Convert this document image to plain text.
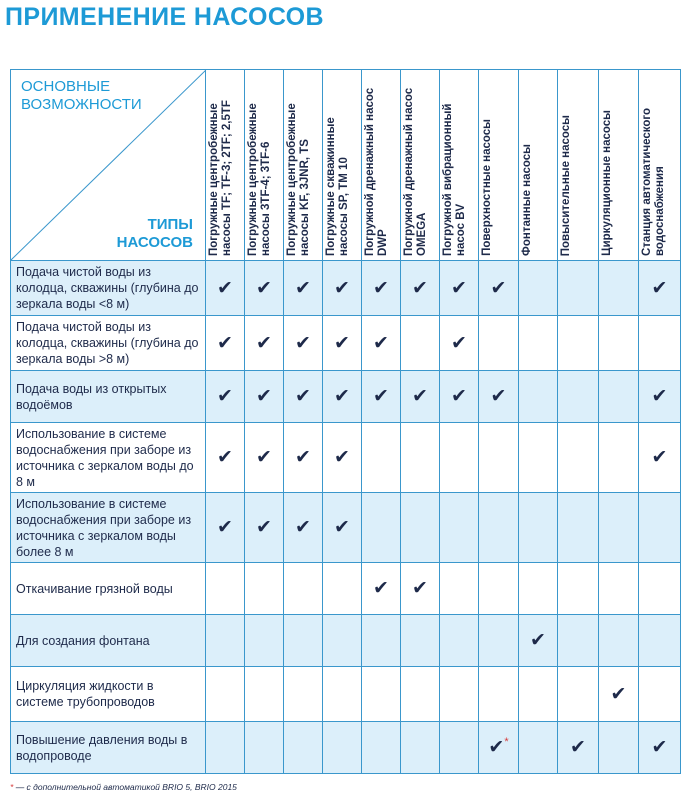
ПРИМЕНЕНИЕ НАСОСОВ
ОСНОВНЫЕ
ВОЗМОЖНОСТИ
ТИПЫ
НАСОСОВ	Погружные центробежные насосы TF; TF-3; 2TF; 2,5TF	Погружные центробежные насосы 3TF-4; 3TF-6	Погружные центробежные насосы KF, 3JNR, TS	Погружные скважинные насосы SP, TM 10	Погружной дренажный насос DWP	Погружной дренажный насос OMEGA	Погружной вибрационный насос BV	Поверхностные насосы	Фонтанные насосы	Повысительные насосы	Циркуляционные насосы	Станция автоматического водоснабжения

Подача чистой воды из колодца, скважины (глубина до зеркала воды <8 м)	✔	✔	✔	✔	✔	✔	✔	✔				✔
Подача чистой воды из колодца, скважины (глубина до зеркала воды >8 м)	✔	✔	✔	✔	✔		✔					
Подача воды из открытых водоёмов	✔	✔	✔	✔	✔	✔	✔	✔				✔
Использование в системе водоснабжения при заборе из источника с зеркалом воды до 8 м	✔	✔	✔	✔								✔
Использование в системе водоснабжения при заборе из источника с зеркалом воды более 8 м	✔	✔	✔	✔								
Откачивание грязной воды					✔	✔						
Для создания фонтана									✔			
Циркуляция жидкости в системе трубопроводов											✔	
Повышение давления воды в водопроводе								✔*		✔		✔
* — с дополнительной автоматикой BRIO 5, BRIO 2015
